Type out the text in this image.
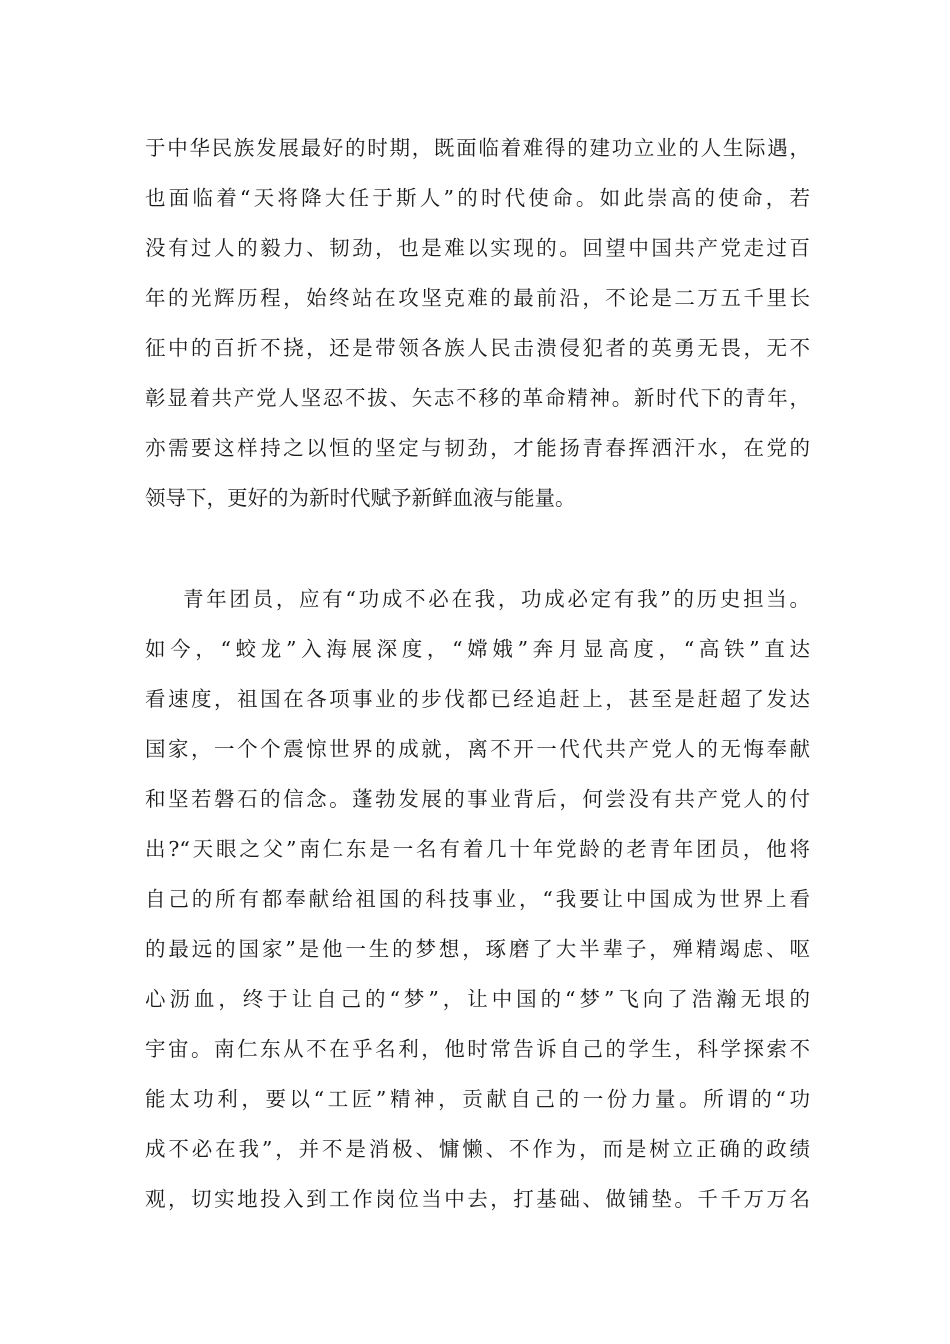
于中华民族发展最好的时期，既面临着难得的建功立业的人生际遇，
也面临着“天将降大任于斯人”的时代使命。如此崇高的使命，若
没有过人的毅力、韧劲，也是难以实现的。回望中国共产党走过百
年的光辉历程，始终站在攻坚克难的最前沿，不论是二万五千里长
征中的百折不挠，还是带领各族人民击溃侵犯者的英勇无畏，无不
彰显着共产党人坚忍不拔、矢志不移的革命精神。新时代下的青年，
亦需要这样持之以恒的坚定与韧劲，才能扬青春挥洒汗水，在党的
领导下，更好的为新时代赋予新鲜血液与能量。
青年团员，应有“功成不必在我，功成必定有我”的历史担当。
如今，“蛟龙”入海展深度，“嫦娥”奔月显高度，“高铁”直达
看速度，祖国在各项事业的步伐都已经追赶上，甚至是赶超了发达
国家，一个个震惊世界的成就，离不开一代代共产党人的无悔奉献
和坚若磐石的信念。蓬勃发展的事业背后，何尝没有共产党人的付
出?“天眼之父”南仁东是一名有着几十年党龄的老青年团员，他将
自己的所有都奉献给祖国的科技事业，“我要让中国成为世界上看
的最远的国家”是他一生的梦想，琢磨了大半辈子，殚精竭虑、呕
心沥血，终于让自己的“梦”，让中国的“梦”飞向了浩瀚无垠的
宇宙。南仁东从不在乎名利，他时常告诉自己的学生，科学探索不
能太功利，要以“工匠”精神，贡献自己的一份力量。所谓的“功
成不必在我”，并不是消极、慵懒、不作为，而是树立正确的政绩
观，切实地投入到工作岗位当中去，打基础、做铺垫。千千万万名
